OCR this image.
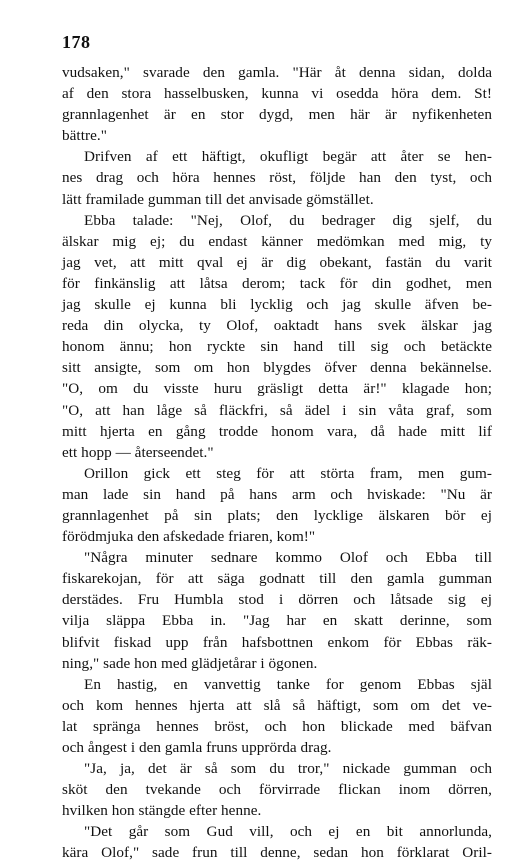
178
vudsaken," svarade den gamla. "Här åt denna sidan, dolda
af den stora hasselbusken, kunna vi osedda höra dem. St!
grannlagenhet är en stor dygd, men här är nyfikenheten
bättre."
Drifven af ett häftigt, okufligt begär att åter se hen-
nes drag och höra hennes röst, följde han den tyst, och
lätt framilade gumman till det anvisade gömstället.
Ebba talade: "Nej, Olof, du bedrager dig sjelf, du
älskar mig ej; du endast känner medömkan med mig, ty
jag vet, att mitt qval ej är dig obekant, fastän du varit
för finkänslig att låtsa derom; tack för din godhet, men
jag skulle ej kunna bli lycklig och jag skulle äfven be-
reda din olycka, ty Olof, oaktadt hans svek älskar jag
honom ännu; hon ryckte sin hand till sig och betäckte
sitt ansigte, som om hon blygdes öfver denna bekännelse.
"O, om du visste huru gräsligt detta är!" klagade hon;
"O, att han låge så fläckfri, så ädel i sin våta graf, som
mitt hjerta en gång trodde honom vara, då hade mitt lif
ett hopp — återseendet."
Orillon gick ett steg för att störta fram, men gum-
man lade sin hand på hans arm och hviskade: "Nu är
grannlagenhet på sin plats; den lycklige älskaren bör ej
förödmjuka den afskedade friaren, kom!"
"Några minuter sednare kommo Olof och Ebba till
fiskarekojan, för att säga godnatt till den gamla gumman
derstädes. Fru Humbla stod i dörren och låtsade sig ej
vilja släppa Ebba in. "Jag har en skatt derinne, som
blifvit fiskad upp från hafsbottnen enkom för Ebbas räk-
ning," sade hon med glädjetårar i ögonen.
En hastig, en vanvettig tanke for genom Ebbas själ
och kom hennes hjerta att slå så häftigt, som om det ve-
lat spränga hennes bröst, och hon blickade med bäfvan
och ångest i den gamla fruns upprörda drag.
"Ja, ja, det är så som du tror," nickade gumman och
sköt den tvekande och förvirrade flickan inom dörren,
hvilken hon stängde efter henne.
"Det går som Gud vill, och ej en bit annorlunda,
kära Olof," sade frun till denne, sedan hon förklarat Oril-
